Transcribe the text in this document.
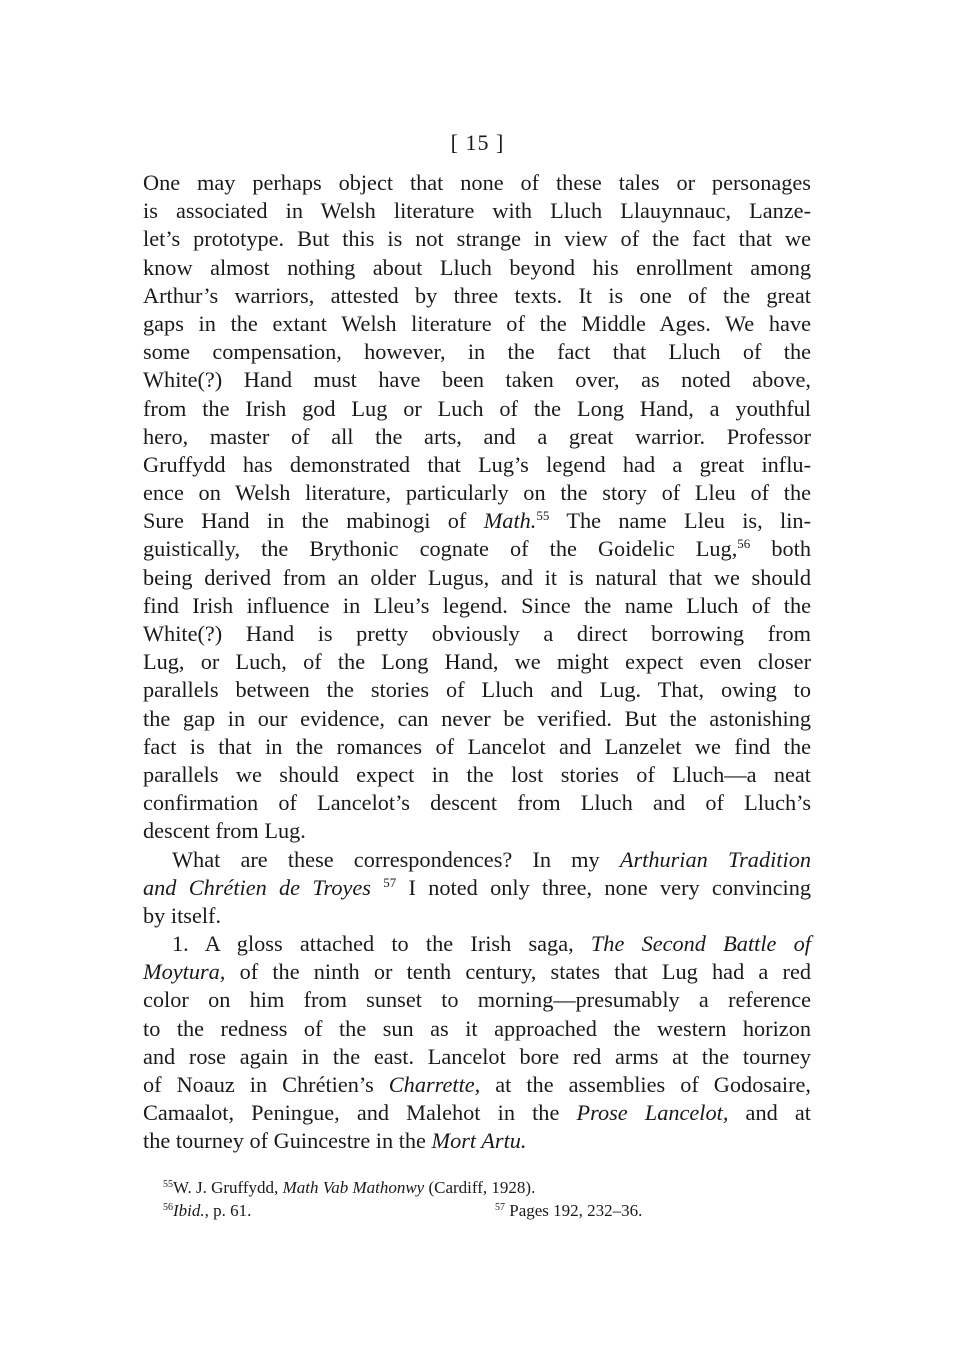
[ 15 ]
One may perhaps object that none of these tales or personages
is associated in Welsh literature with Lluch Llauynnauc, Lanze-
let’s prototype. But this is not strange in view of the fact that we
know almost nothing about Lluch beyond his enrollment among
Arthur’s warriors, attested by three texts. It is one of the great
gaps in the extant Welsh literature of the Middle Ages. We have
some compensation, however, in the fact that Lluch of the
White(?) Hand must have been taken over, as noted above,
from the Irish god Lug or Luch of the Long Hand, a youthful
hero, master of all the arts, and a great warrior. Professor
Gruffydd has demonstrated that Lug’s legend had a great influ-
ence on Welsh literature, particularly on the story of Lleu of the
Sure Hand in the mabinogi of Math.$^{55}$ The name Lleu is, lin-
guistically, the Brythonic cognate of the Goidelic Lug,$^{56}$ both
being derived from an older Lugus, and it is natural that we should
find Irish influence in Lleu’s legend. Since the name Lluch of the
White(?) Hand is pretty obviously a direct borrowing from
Lug, or Luch, of the Long Hand, we might expect even closer
parallels between the stories of Lluch and Lug. That, owing to
the gap in our evidence, can never be verified. But the astonishing
fact is that in the romances of Lancelot and Lanzelet we find the
parallels we should expect in the lost stories of Lluch—a neat
confirmation of Lancelot’s descent from Lluch and of Lluch’s
descent from Lug.
What are these correspondences? In my Arthurian Tradition
and Chrétien de Troyes $^{57}$ I noted only three, none very convincing
by itself.
1. A gloss attached to the Irish saga, The Second Battle of
Moytura, of the ninth or tenth century, states that Lug had a red
color on him from sunset to morning—presumably a reference
to the redness of the sun as it approached the western horizon
and rose again in the east. Lancelot bore red arms at the tourney
of Noauz in Chrétien’s Charrette, at the assemblies of Godosaire,
Camaalot, Peningue, and Malehot in the Prose Lancelot, and at
the tourney of Guincestre in the Mort Artu.
$^{55}$W. J. Gruffydd, Math Vab Mathonwy (Cardiff, 1928).
$^{56}$Ibid., p. 61.	$^{57}$ Pages 192, 232–36.
